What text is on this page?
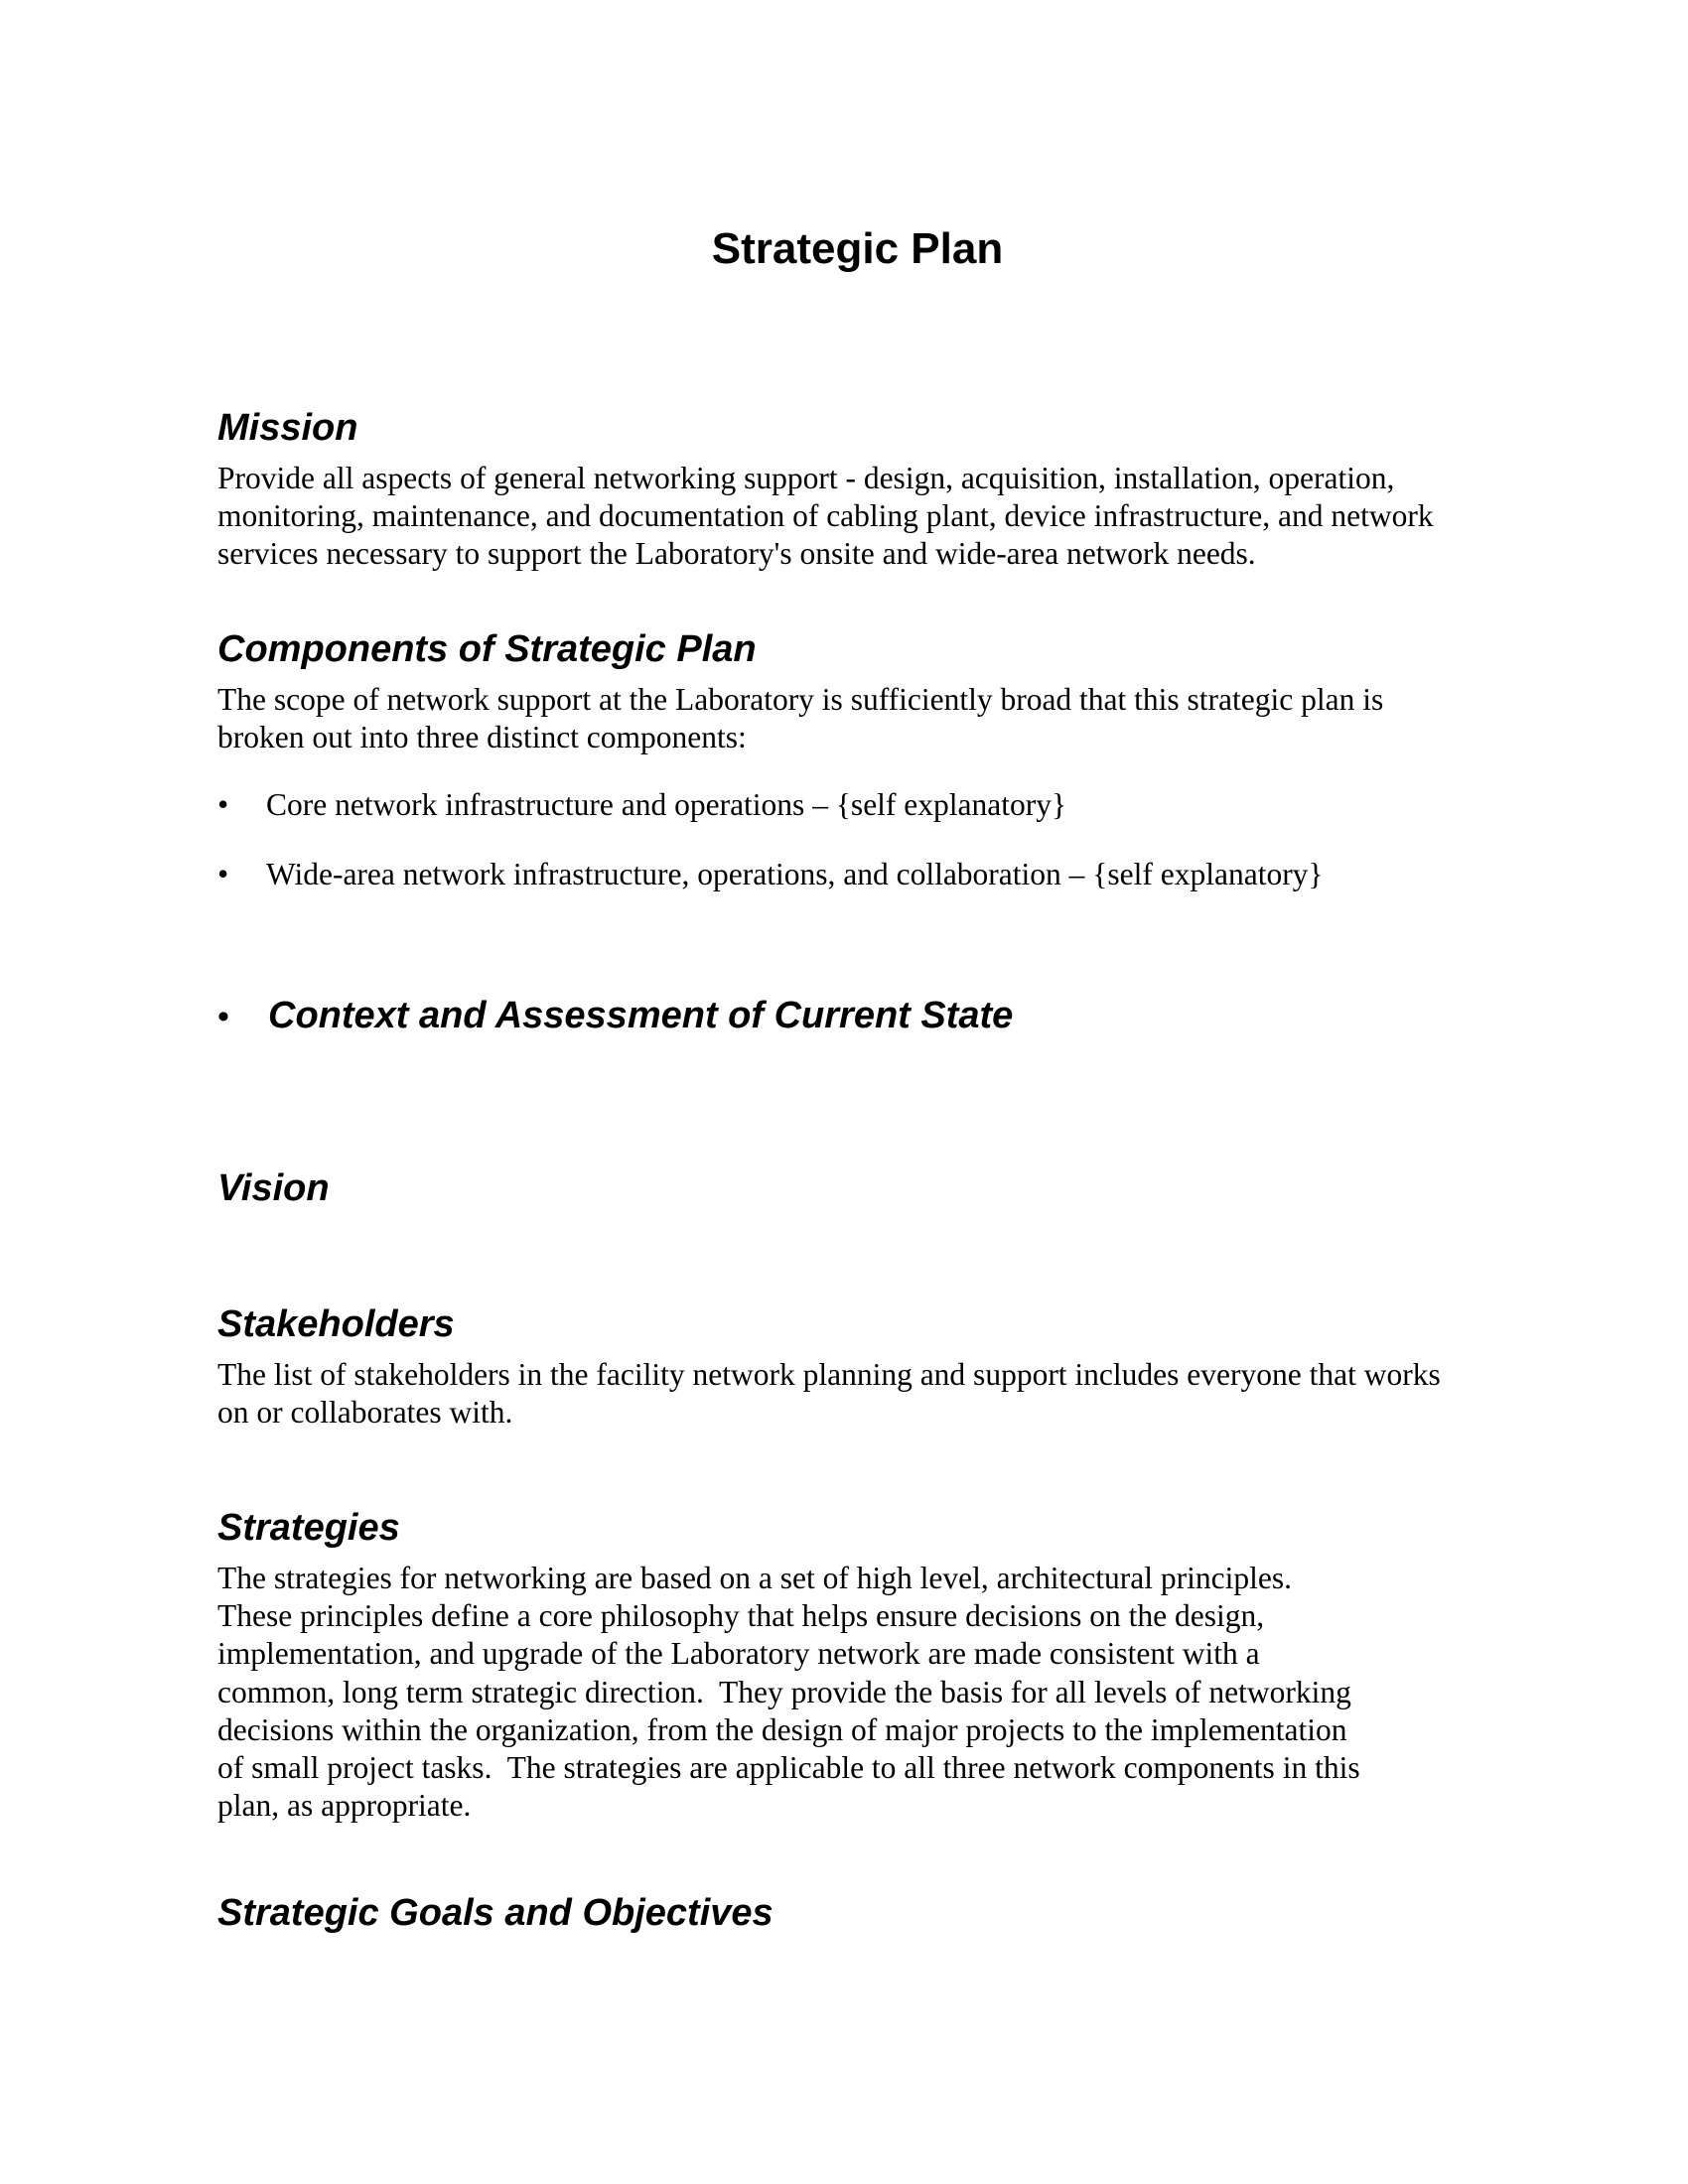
Strategic Plan
Mission

Provide all aspects of general networking support - design, acquisition, installation, operation,
monitoring, maintenance, and documentation of cabling plant, device infrastructure, and network
services necessary to support the Laboratory's onsite and wide-area network needs.

Components of Strategic Plan

The scope of network support at the Laboratory is sufficiently broad that this strategic plan is
broken out into three distinct components:

• Core network infrastructure and operations – {self explanatory}
• Wide-area network infrastructure, operations, and collaboration – {self explanatory}
• Context and Assessment of Current State
Vision
Stakeholders

The list of stakeholders in the facility network planning and support includes everyone that works
on or collaborates with.

Strategies

The strategies for networking are based on a set of high level, architectural principles.
These principles define a core philosophy that helps ensure decisions on the design,
implementation, and upgrade of the Laboratory network are made consistent with a
common, long term strategic direction.  They provide the basis for all levels of networking
decisions within the organization, from the design of major projects to the implementation
of small project tasks.  The strategies are applicable to all three network components in this
plan, as appropriate.

Strategic Goals and Objectives
